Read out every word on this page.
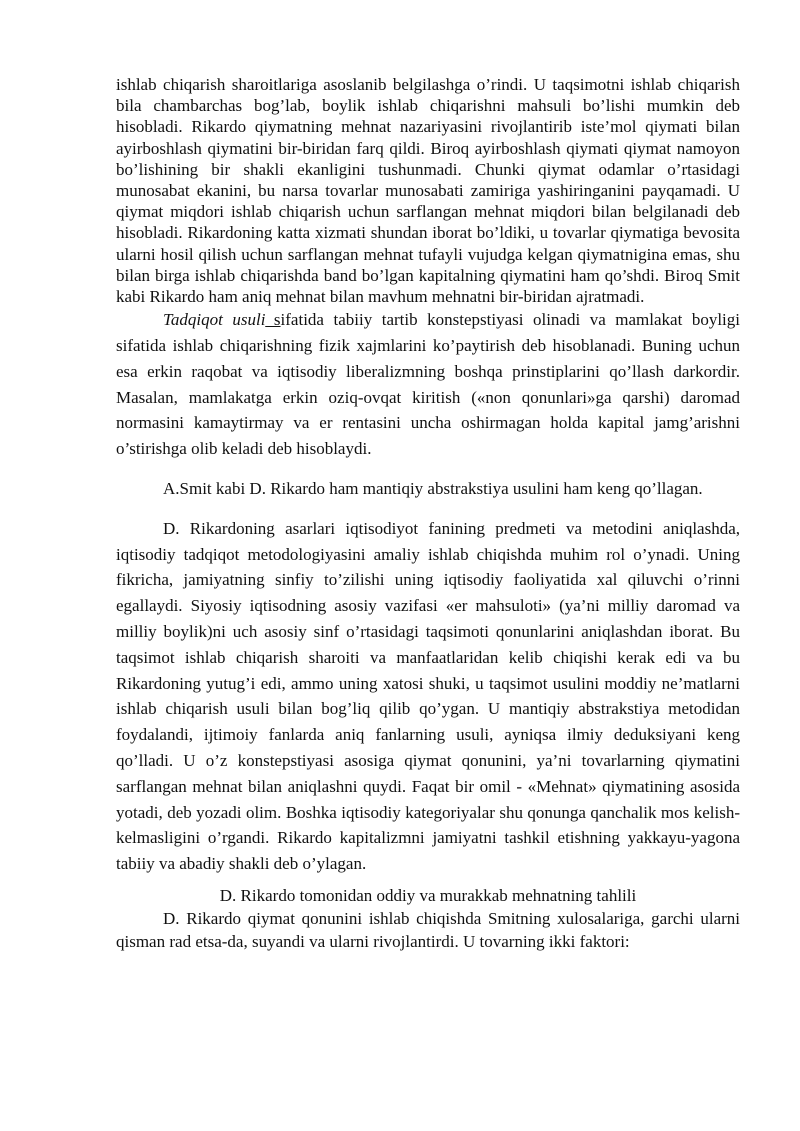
ishlab chiqarish sharoitlariga asoslanib belgilashga o’rindi. U taqsimotni ishlab chiqarish bila chambarchas bog’lab, boylik ishlab chiqarishni mahsuli bo’lishi mumkin deb hisobladi. Rikardo qiymatning mehnat nazariyasini rivojlantirib iste’mol qiymati bilan ayirboshlash qiymatini bir-biridan farq qildi. Biroq ayirboshlash qiymati qiymat namoyon bo’lishining bir shakli ekanligini tushunmadi. Chunki qiymat odamlar o’rtasidagi munosabat ekanini, bu narsa tovarlar munosabati zamiriga yashiringanini payqamadi. U qiymat miqdori ishlab chiqarish uchun sarflangan mehnat miqdori bilan belgilanadi deb hisobladi. Rikardoning katta xizmati shundan iborat bo’ldiki, u tovarlar qiymatiga bevosita ularni hosil qilish uchun sarflangan mehnat tufayli vujudga kelgan qiymatnigina emas, shu bilan birga ishlab chiqarishda band bo’lgan kapitalning qiymatini ham qo’shdi. Biroq Smit kabi Rikardo ham aniq mehnat bilan mavhum mehnatni bir-biridan ajratmadi.

Tadqiqot usuli_sifatida tabiiy tartib konstepstiyasi olinadi va mamlakat boyligi sifatida ishlab chiqarishning fizik xajmlarini ko’paytirish deb hisoblanadi. Buning uchun esa erkin raqobat va iqtisodiy liberalizmning boshqa prinstiplarini qo’llash darkordir. Masalan, mamlakatga erkin oziq-ovqat kiritish («non qonunlari»ga qarshi) daromad normasini kamaytirmay va er rentasini uncha oshirmagan holda kapital jamg’arishni o’stirishga olib keladi deb hisoblaydi.

A.Smit kabi D. Rikardo ham mantiqiy abstrakstiya usulini ham keng qo’llagan.

D. Rikardoning asarlari iqtisodiyot fanining predmeti va metodini aniqlashda, iqtisodiy tadqiqot metodologiyasini amaliy ishlab chiqishda muhim rol o’ynadi. Uning fikricha, jamiyatning sinfiy to’zilishi uning iqtisodiy faoliyatida xal qiluvchi o’rinni egallaydi. Siyosiy iqtisodning asosiy vazifasi «er mahsuloti» (ya’ni milliy daromad va milliy boylik)ni uch asosiy sinf o’rtasidagi taqsimoti qonunlarini aniqlashdan iborat. Bu taqsimot ishlab chiqarish sharoiti va manfaatlaridan kelib chiqishi kerak edi va bu Rikardoning yutug’i edi, ammo uning xatosi shuki, u taqsimot usulini moddiy ne’matlarni ishlab chiqarish usuli bilan bog’liq qilib qo’ygan. U mantiqiy abstrakstiya metodidan foydalandi, ijtimoiy fanlarda aniq fanlarning usuli, ayniqsa ilmiy deduksiyani keng qo’lladi. U o’z konstepstiyasi asosiga qiymat qonunini, ya’ni tovarlarning qiymatini sarflangan mehnat bilan aniqlashni quydi. Faqat bir omil - «Mehnat» qiymatining asosida yotadi, deb yozadi olim. Boshka iqtisodiy kategoriyalar shu qonunga qanchalik mos kelish-kelmasligini o’rgandi. Rikardo kapitalizmni jamiyatni tashkil etishning yakkayu-yagona tabiiy va abadiy shakli deb o’ylagan.

D. Rikardo tomonidan oddiy va murakkab mehnatning tahlili

D. Rikardo qiymat qonunini ishlab chiqishda Smitning xulosalariga, garchi ularni qisman rad etsa-da, suyandi va ularni rivojlantirdi. U tovarning ikki faktori:
